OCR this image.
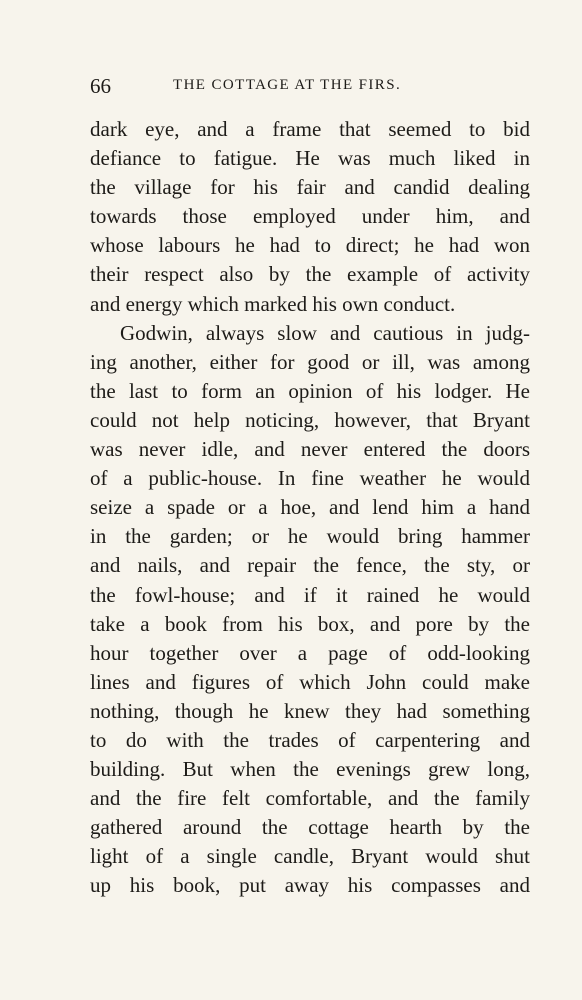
66	THE COTTAGE AT THE FIRS.
dark eye, and a frame that seemed to bid
defiance to fatigue. He was much liked in
the village for his fair and candid dealing
towards those employed under him, and
whose labours he had to direct; he had won
their respect also by the example of activity
and energy which marked his own conduct.
Godwin, always slow and cautious in judg-
ing another, either for good or ill, was among
the last to form an opinion of his lodger. He
could not help noticing, however, that Bryant
was never idle, and never entered the doors
of a public-house. In fine weather he would
seize a spade or a hoe, and lend him a hand
in the garden; or he would bring hammer
and nails, and repair the fence, the sty, or
the fowl-house; and if it rained he would
take a book from his box, and pore by the
hour together over a page of odd-looking
lines and figures of which John could make
nothing, though he knew they had something
to do with the trades of carpentering and
building. But when the evenings grew long,
and the fire felt comfortable, and the family
gathered around the cottage hearth by the
light of a single candle, Bryant would shut
up his book, put away his compasses and
